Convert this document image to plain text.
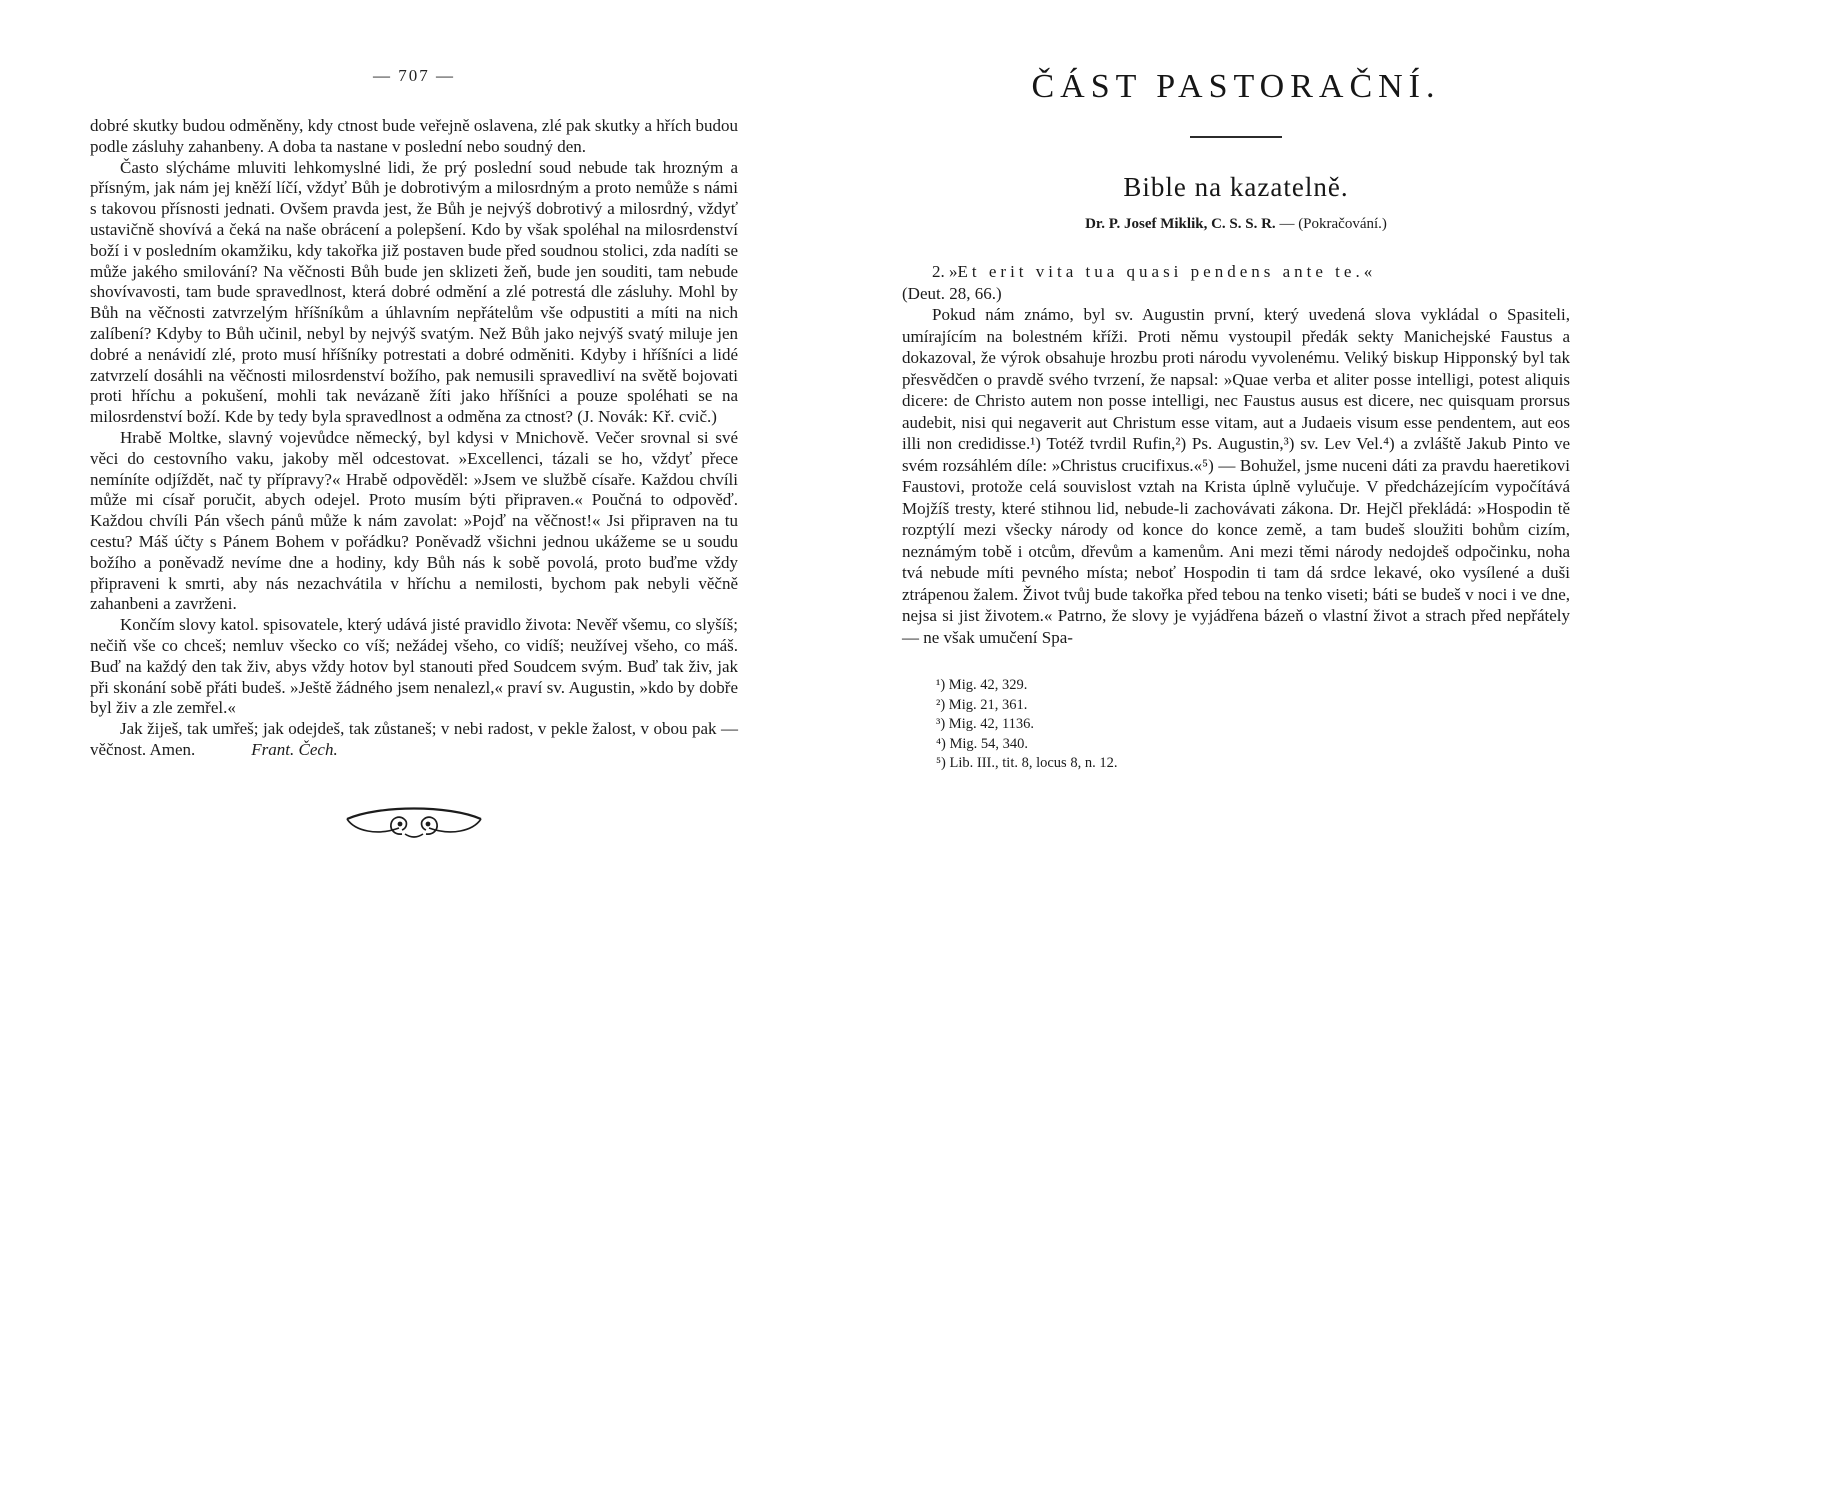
— 707 —

dobré skutky budou odměněny, kdy ctnost bude veřejně oslavena, zlé pak skutky a hřích budou podle zásluhy zahanbeny. A doba ta nastane v poslední nebo soudný den.

Často slýcháme mluviti lehkomyslné lidi, že prý poslední soud nebude tak hrozným a přísným, jak nám jej kněží líčí, vždyť Bůh je dobrotivým a milosrdným a proto nemůže s námi s takovou přísnosti jednati. Ovšem pravda jest, že Bůh je nejvýš dobrotivý a milosrdný, vždyť ustavičně shovívá a čeká na naše obrácení a polepšení. Kdo by však spoléhal na milosrdenství boží i v posledním okamžiku, kdy takořka již postaven bude před soudnou stolici, zda nadíti se může jakého smilování? Na věčnosti Bůh bude jen sklizeti žeň, bude jen souditi, tam nebude shovívavosti, tam bude spravedlnost, která dobré odmění a zlé potrestá dle zásluhy. Mohl by Bůh na věčnosti zatvrzelým hříšníkům a úhlavním nepřátelům vše odpustiti a míti na nich zalíbení? Kdyby to Bůh učinil, nebyl by nejvýš svatým. Než Bůh jako nejvýš svatý miluje jen dobré a nenávidí zlé, proto musí hříšníky potrestati a dobré odměniti. Kdyby i hříšníci a lidé zatvrzelí dosáhli na věčnosti milosrdenství božího, pak nemusili spravedliví na světě bojovati proti hříchu a pokušení, mohli tak nevázaně žíti jako hříšníci a pouze spoléhati se na milosrdenství boží. Kde by tedy byla spravedlnost a odměna za ctnost? (J. Novák: Kř. cvič.)

Hrabě Moltke, slavný vojevůdce německý, byl kdysi v Mnichově. Večer srovnal si své věci do cestovního vaku, jakoby měl odcestovat. »Excellenci, tázali se ho, vždyť přece nemíníte odjíždět, nač ty přípravy?« Hrabě odpověděl: »Jsem ve službě císaře. Každou chvíli může mi císař poručit, abych odejel. Proto musím býti připraven.« Poučná to odpověď. Každou chvíli Pán všech pánů může k nám zavolat: »Pojď na věčnost!« Jsi připraven na tu cestu? Máš účty s Pánem Bohem v pořádku? Poněvadž všichni jednou ukážeme se u soudu božího a poněvadž nevíme dne a hodiny, kdy Bůh nás k sobě povolá, proto buďme vždy připraveni k smrti, aby nás nezachvátila v hříchu a nemilosti, bychom pak nebyli věčně zahanbeni a zavrženi.

Končím slovy katol. spisovatele, který udává jisté pravidlo života: Nevěř všemu, co slyšíš; nečiň vše co chceš; nemluv všecko co víš; nežádej všeho, co vidíš; neužívej všeho, co máš. Buď na každý den tak živ, abys vždy hotov byl stanouti před Soudcem svým. Buď tak živ, jak při skonání sobě přáti budeš. »Ještě žádného jsem nenalezl,« praví sv. Augustin, »kdo by dobře byl živ a zle zemřel.«

Jak žiješ, tak umřeš; jak odejdeš, tak zůstaneš; v nebi radost, v pekle žalost, v obou pak — věčnost. Amen.	Frant. Čech.

ČÁST PASTORAČNÍ.
Bible na kazatelně.
Dr. P. Josef Miklik, C. S. S. R. — (Pokračování.)

2. »Et erit vita tua quasi pendens ante te.«

(Deut. 28, 66.)

Pokud nám známo, byl sv. Augustin první, který uvedená slova vykládal o Spasiteli, umírajícím na bolestném kříži. Proti němu vystoupil předák sekty Manichejské Faustus a dokazoval, že výrok obsahuje hrozbu proti národu vyvolenému. Veliký biskup Hipponský byl tak přesvědčen o pravdě svého tvrzení, že napsal: »Quae verba et aliter posse intelligi, potest aliquis dicere: de Christo autem non posse intelligi, nec Faustus ausus est dicere, nec quisquam prorsus audebit, nisi qui negaverit aut Christum esse vitam, aut a Judaeis visum esse pendentem, aut eos illi non credidisse.¹) Totéž tvrdil Rufin,²) Ps. Augustin,³) sv. Lev Vel.⁴) a zvláště Jakub Pinto ve svém rozsáhlém díle: »Christus crucifixus.«⁵) — Bohužel, jsme nuceni dáti za pravdu haeretikovi Faustovi, protože celá souvislost vztah na Krista úplně vylučuje. V předcházejícím vypočítává Mojžíš tresty, které stihnou lid, nebude-li zachovávati zákona. Dr. Hejčl překládá: »Hospodin tě rozptýlí mezi všecky národy od konce do konce země, a tam budeš sloužiti bohům cizím, neznámým tobě i otcům, dřevům a kamenům. Ani mezi těmi národy nedojdeš odpočinku, noha tvá nebude míti pevného místa; neboť Hospodin ti tam dá srdce lekavé, oko vysílené a duši ztrápenou žalem. Život tvůj bude takořka před tebou na tenko viseti; báti se budeš v noci i ve dne, nejsa si jist životem.« Patrno, že slovy je vyjádřena bázeň o vlastní život a strach před nepřátely — ne však umučení Spa-

¹) Mig. 42, 329.
²) Mig. 21, 361.
³) Mig. 42, 1136.
⁴) Mig. 54, 340.
⁵) Lib. III., tit. 8, locus 8, n. 12.
